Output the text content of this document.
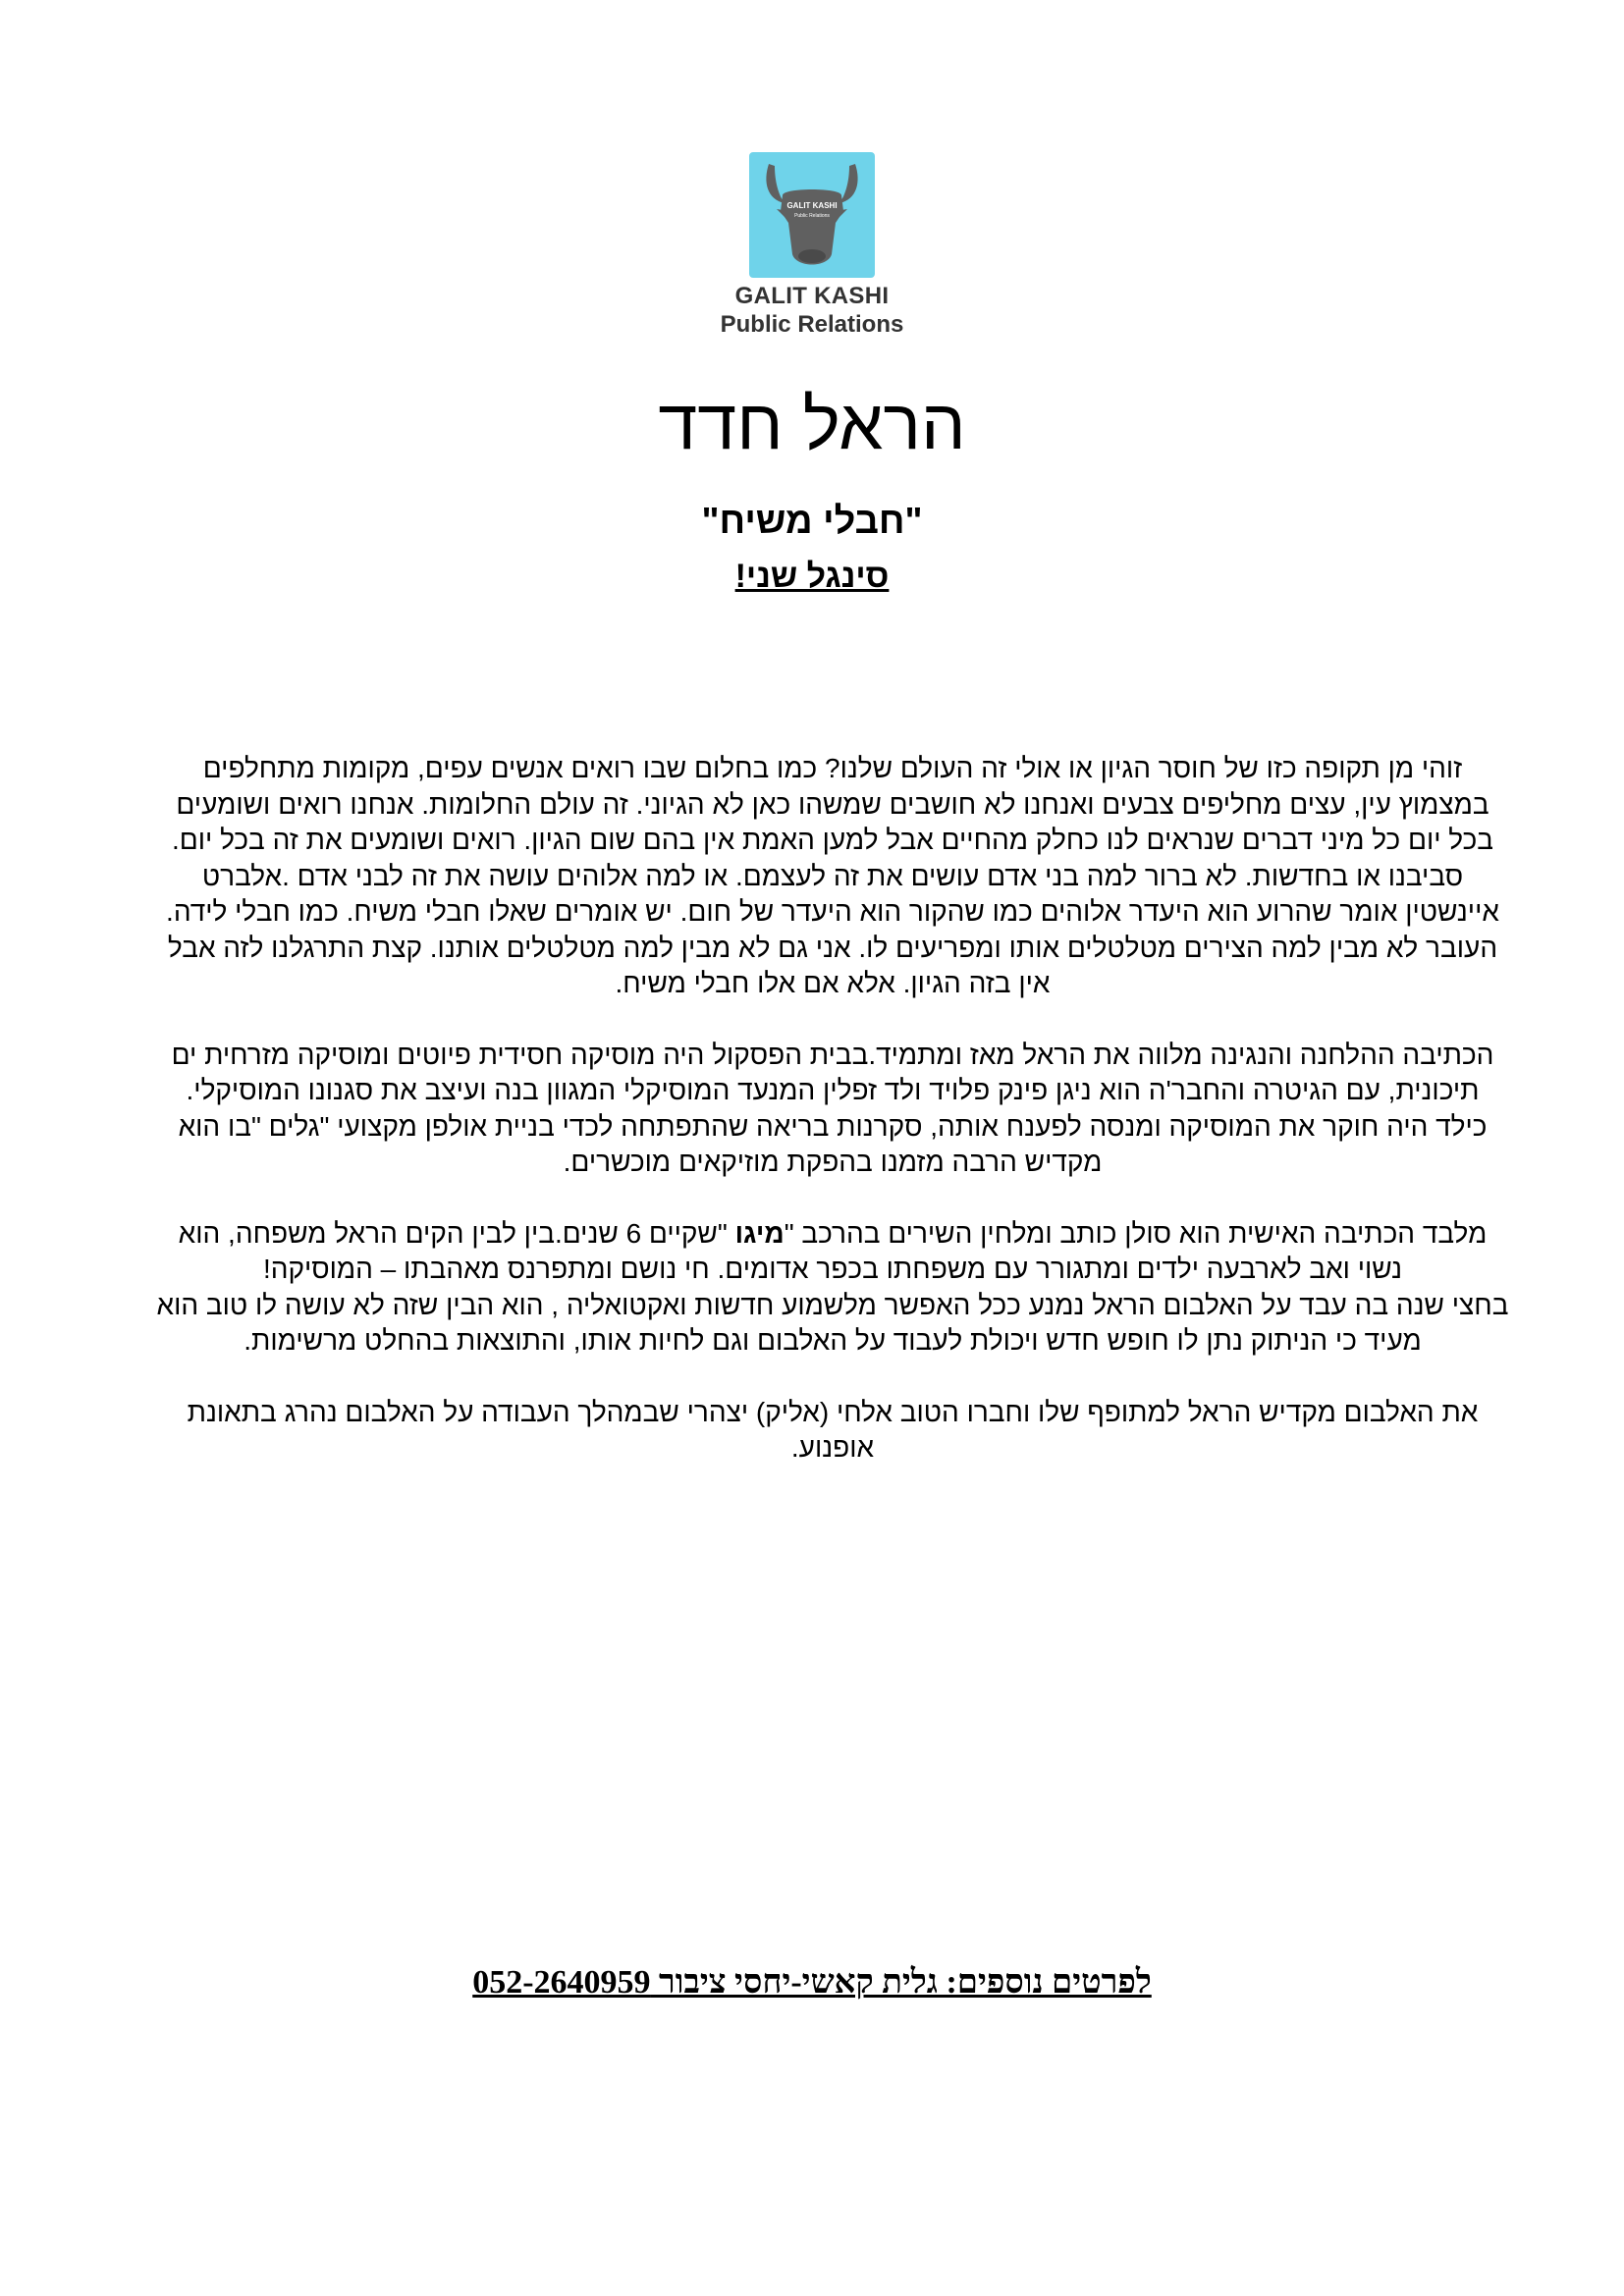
GALIT KASHI
Public Relations
GALIT KASHI
Public Relations
הראל חדד
"חבלי משיח"
סינגל שני!

זוהי מן תקופה כזו של חוסר הגיון או אולי זה העולם שלנו? כמו בחלום שבו רואים אנשים עפים, מקומות מתחלפים במצמוץ עין, עצים מחליפים צבעים ואנחנו לא חושבים שמשהו כאן לא הגיוני. זה עולם החלומות. אנחנו רואים ושומעים בכל יום כל מיני דברים שנראים לנו כחלק מהחיים אבל למען האמת אין בהם שום הגיון. רואים ושומעים את זה בכל יום. סביבנו או בחדשות. לא ברור למה בני אדם עושים את זה לעצמם. או למה אלוהים עושה את זה לבני אדם .אלברט איינשטין אומר שהרוע הוא היעדר אלוהים כמו שהקור הוא היעדר של חום. יש אומרים שאלו חבלי משיח. כמו חבלי לידה. העובר לא מבין למה הצירים מטלטלים אותו ומפריעים לו. אני גם לא מבין למה מטלטלים אותנו. קצת התרגלנו לזה אבל אין בזה הגיון. אלא אם אלו חבלי משיח.

הכתיבה ההלחנה והנגינה מלווה את הראל מאז ומתמיד.בבית הפסקול היה מוסיקה חסידית פיוטים ומוסיקה מזרחית ים תיכונית, עם הגיטרה והחבר'ה הוא ניגן פינק פלויד ולד זפלין המנעד המוסיקלי המגוון בנה ועיצב את סגנונו המוסיקלי.

כילד היה חוקר את המוסיקה ומנסה לפענח אותה, סקרנות בריאה שהתפתחה לכדי בניית אולפן מקצועי "גלים "בו הוא מקדיש הרבה מזמנו בהפקת מוזיקאים מוכשרים.

מלבד הכתיבה האישית הוא סולן כותב ומלחין השירים בהרכב "מיגו "שקיים 6 שנים.בין לבין הקים הראל משפחה, הוא נשוי ואב לארבעה ילדים ומתגורר עם משפחתו בכפר אדומים. חי נושם ומתפרנס מאהבתו – המוסיקה!

בחצי שנה בה עבד על האלבום הראל נמנע ככל האפשר מלשמוע חדשות ואקטואליה , הוא הבין שזה לא עושה לו טוב הוא מעיד כי הניתוק נתן לו חופש חדש ויכולת לעבוד על האלבום וגם לחיות אותו, והתוצאות בהחלט מרשימות.

את האלבום מקדיש הראל למתופף שלו וחברו הטוב אלחי (אליק) יצהרי שבמהלך העבודה על האלבום נהרג בתאונת אופנוע.

לפרטים נוספים: גלית קאשי-יחסי ציבור 052-2640959
